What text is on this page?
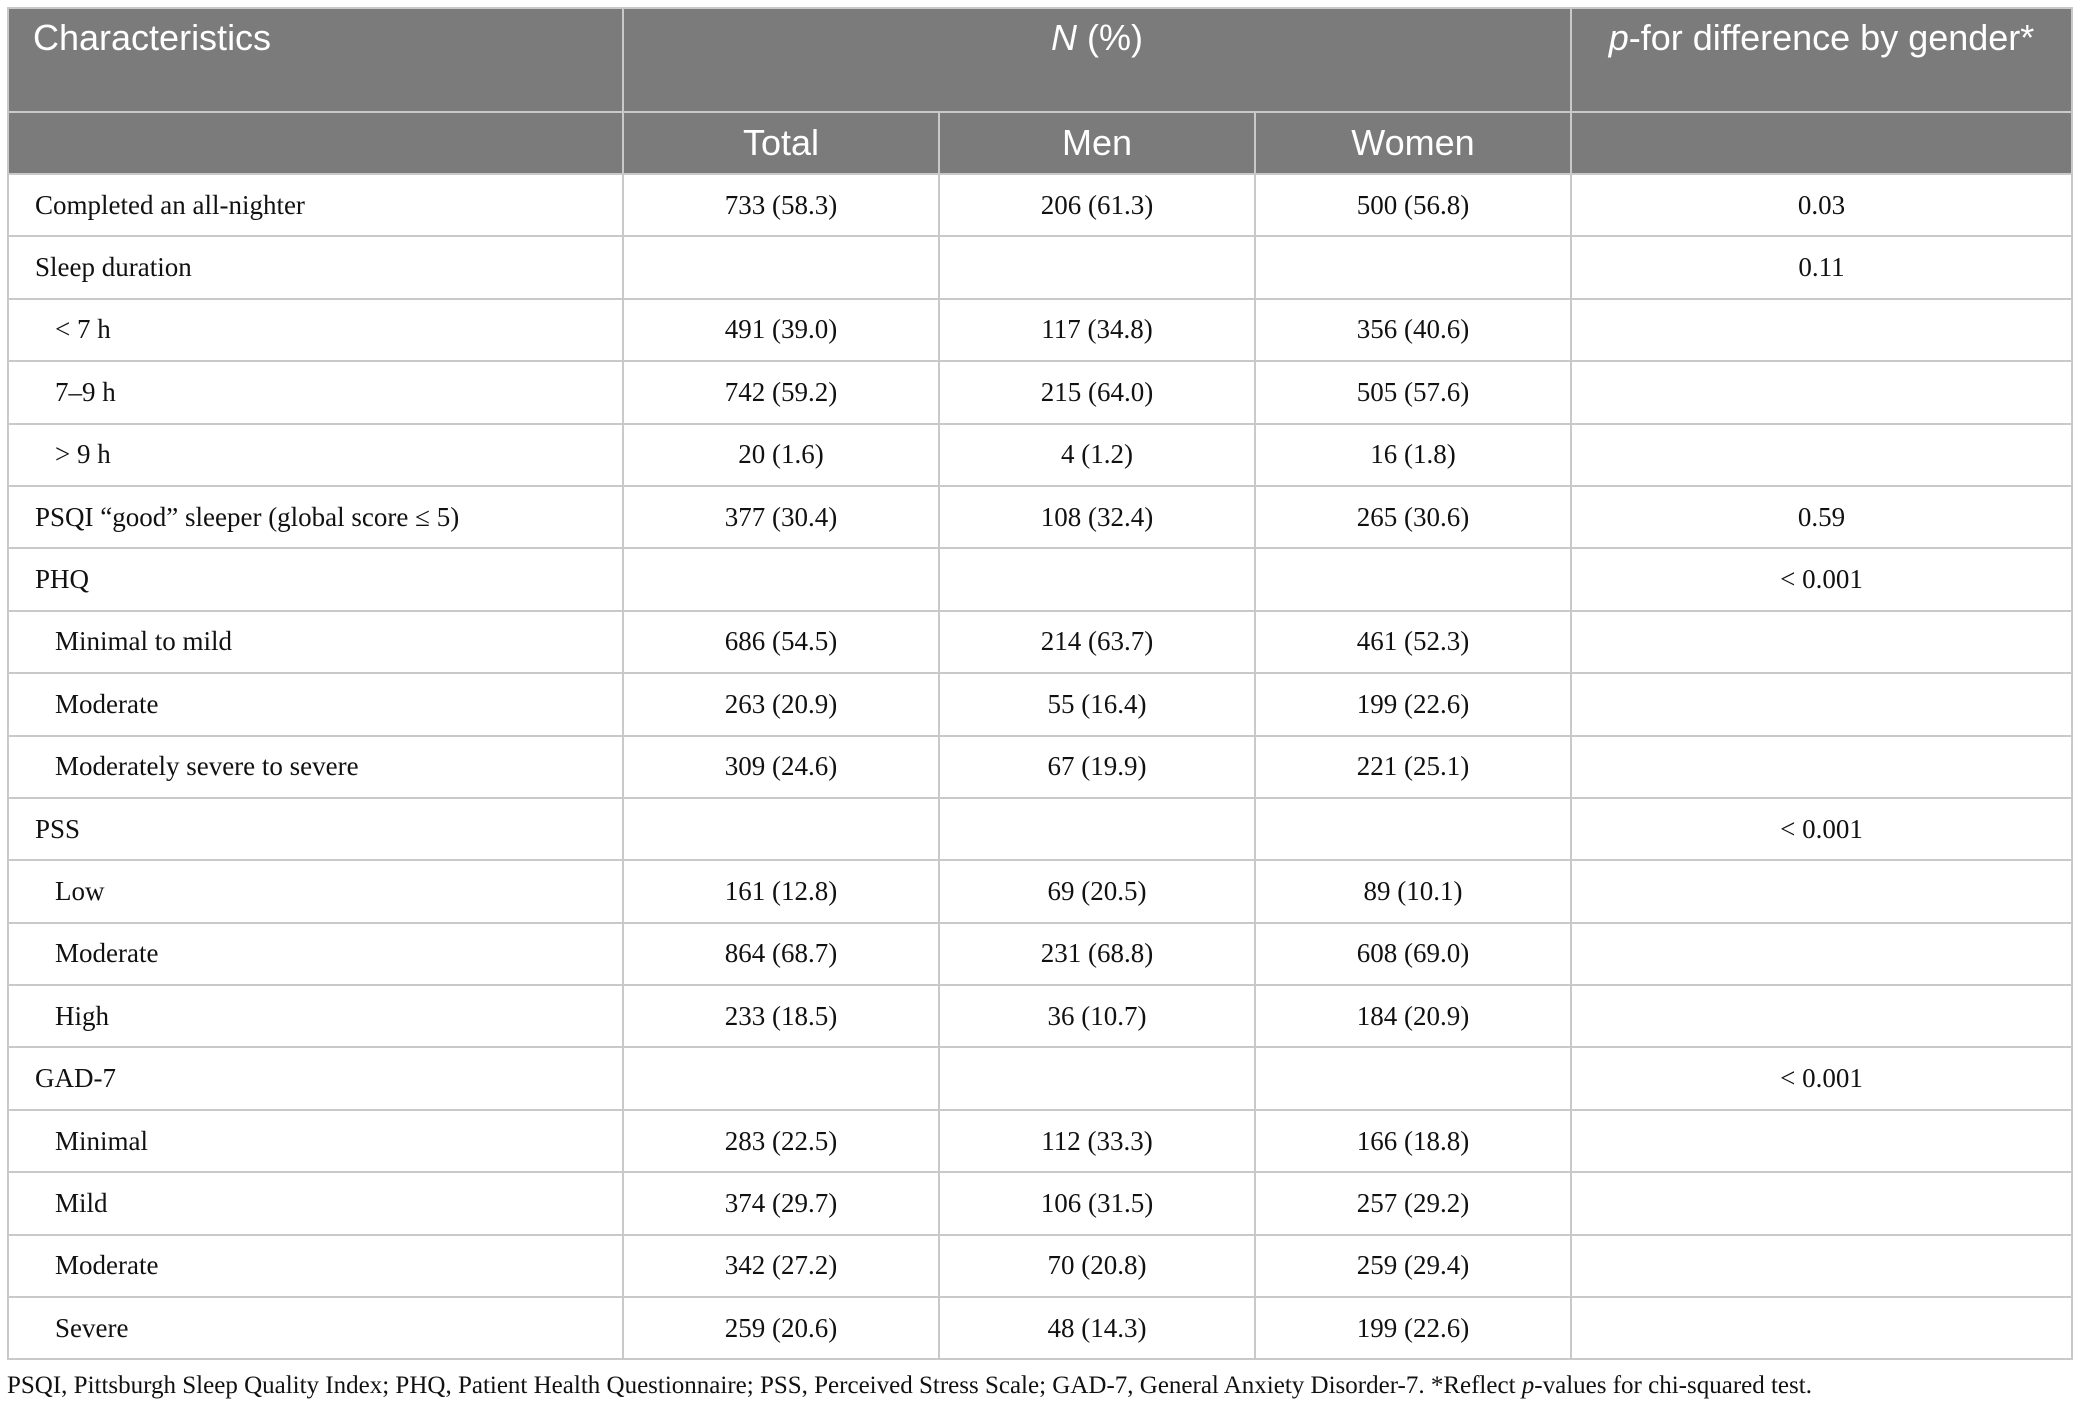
Characteristics	N (%)			p-for difference by gender*
	Total	Men	Women	
Completed an all-nighter	733 (58.3)	206 (61.3)	500 (56.8)	0.03
Sleep duration				0.11
< 7 h	491 (39.0)	117 (34.8)	356 (40.6)	
7–9 h	742 (59.2)	215 (64.0)	505 (57.6)	
> 9 h	20 (1.6)	4 (1.2)	16 (1.8)	
PSQI “good” sleeper (global score ≤ 5)	377 (30.4)	108 (32.4)	265 (30.6)	0.59
PHQ				< 0.001
Minimal to mild	686 (54.5)	214 (63.7)	461 (52.3)	
Moderate	263 (20.9)	55 (16.4)	199 (22.6)	
Moderately severe to severe	309 (24.6)	67 (19.9)	221 (25.1)	
PSS				< 0.001
Low	161 (12.8)	69 (20.5)	89 (10.1)	
Moderate	864 (68.7)	231 (68.8)	608 (69.0)	
High	233 (18.5)	36 (10.7)	184 (20.9)	
GAD-7				< 0.001
Minimal	283 (22.5)	112 (33.3)	166 (18.8)	
Mild	374 (29.7)	106 (31.5)	257 (29.2)	
Moderate	342 (27.2)	70 (20.8)	259 (29.4)	
Severe	259 (20.6)	48 (14.3)	199 (22.6)	
PSQI, Pittsburgh Sleep Quality Index; PHQ, Patient Health Questionnaire; PSS, Perceived Stress Scale; GAD-7, General Anxiety Disorder-7. *Reflect p-values for chi-squared test.
